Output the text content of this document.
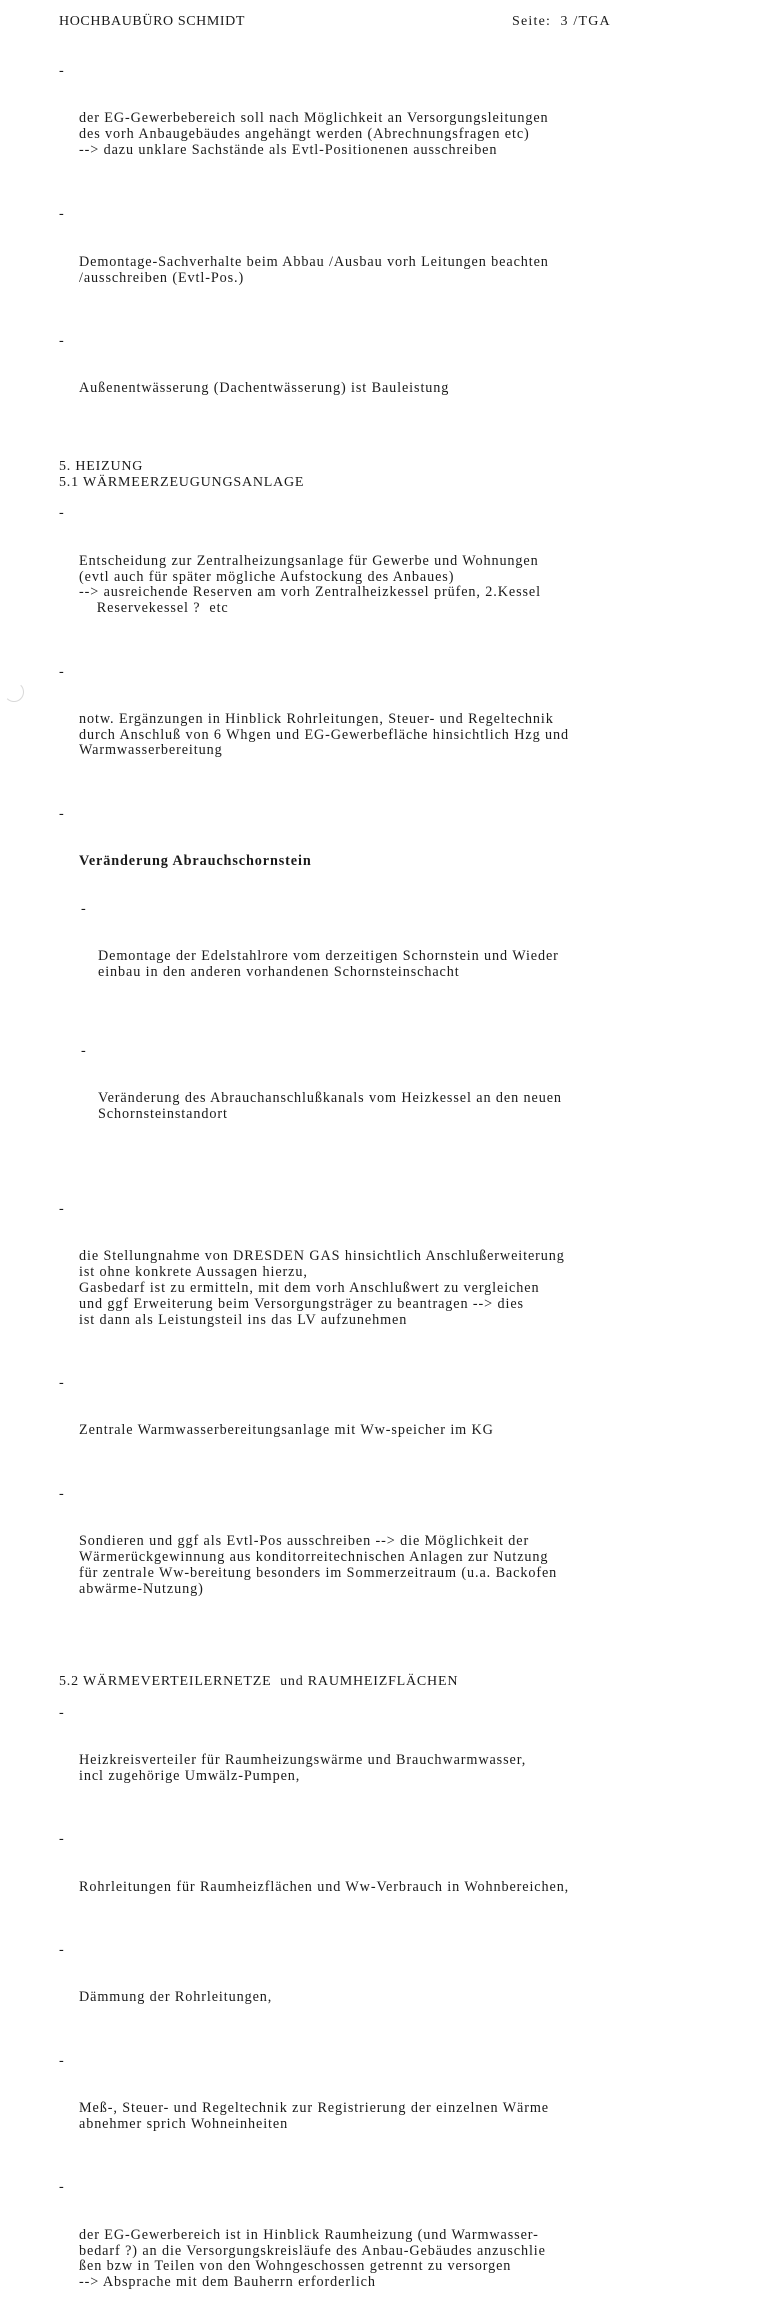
HOCHBAUBÜRO SCHMIDT	Seite:  3 /TGA

-

der EG-Gewerbebereich soll nach Möglichkeit an Versorgungsleitungen
des vorh Anbaugebäudes angehängt werden (Abrechnungsfragen etc)
--> dazu unklare Sachstände als Evtl-Positionenen ausschreiben

-

Demontage-Sachverhalte beim Abbau /Ausbau vorh Leitungen beachten
/ausschreiben (Evtl-Pos.)

-

Außenentwässerung (Dachentwässerung) ist Bauleistung

5. HEIZUNG
5.1 WÄRMEERZEUGUNGSANLAGE

-

Entscheidung zur Zentralheizungsanlage für Gewerbe und Wohnungen
(evtl auch für später mögliche Aufstockung des Anbaues)
--> ausreichende Reserven am vorh Zentralheizkessel prüfen, 2.Kessel
Reservekessel ?  etc

-

notw. Ergänzungen in Hinblick Rohrleitungen, Steuer- und Regeltechnik
durch Anschluß von 6 Whgen und EG-Gewerbefläche hinsichtlich Hzg und
Warmwasserbereitung

-

Veränderung Abrauchschornstein

-

Demontage der Edelstahlrore vom derzeitigen Schornstein und Wieder
einbau in den anderen vorhandenen Schornsteinschacht

-

Veränderung des Abrauchanschlußkanals vom Heizkessel an den neuen
Schornsteinstandort

-

die Stellungnahme von DRESDEN GAS hinsichtlich Anschlußerweiterung
ist ohne konkrete Aussagen hierzu,
Gasbedarf ist zu ermitteln, mit dem vorh Anschlußwert zu vergleichen
und ggf Erweiterung beim Versorgungsträger zu beantragen --> dies
ist dann als Leistungsteil ins das LV aufzunehmen

-

Zentrale Warmwasserbereitungsanlage mit Ww-speicher im KG

-

Sondieren und ggf als Evtl-Pos ausschreiben --> die Möglichkeit der
Wärmerückgewinnung aus konditorreitechnischen Anlagen zur Nutzung
für zentrale Ww-bereitung besonders im Sommerzeitraum (u.a. Backofen
abwärme-Nutzung)

5.2 WÄRMEVERTEILERNETZE  und RAUMHEIZFLÄCHEN

-

Heizkreisverteiler für Raumheizungswärme und Brauchwarmwasser,
incl zugehörige Umwälz-Pumpen,

-

Rohrleitungen für Raumheizflächen und Ww-Verbrauch in Wohnbereichen,

-

Dämmung der Rohrleitungen,

-

Meß-, Steuer- und Regeltechnik zur Registrierung der einzelnen Wärme
abnehmer sprich Wohneinheiten

-

der EG-Gewerbereich ist in Hinblick Raumheizung (und Warmwasser-
bedarf ?) an die Versorgungskreisläufe des Anbau-Gebäudes anzuschlie
ßen bzw in Teilen von den Wohngeschossen getrennt zu versorgen
--> Absprache mit dem Bauherrn erforderlich
